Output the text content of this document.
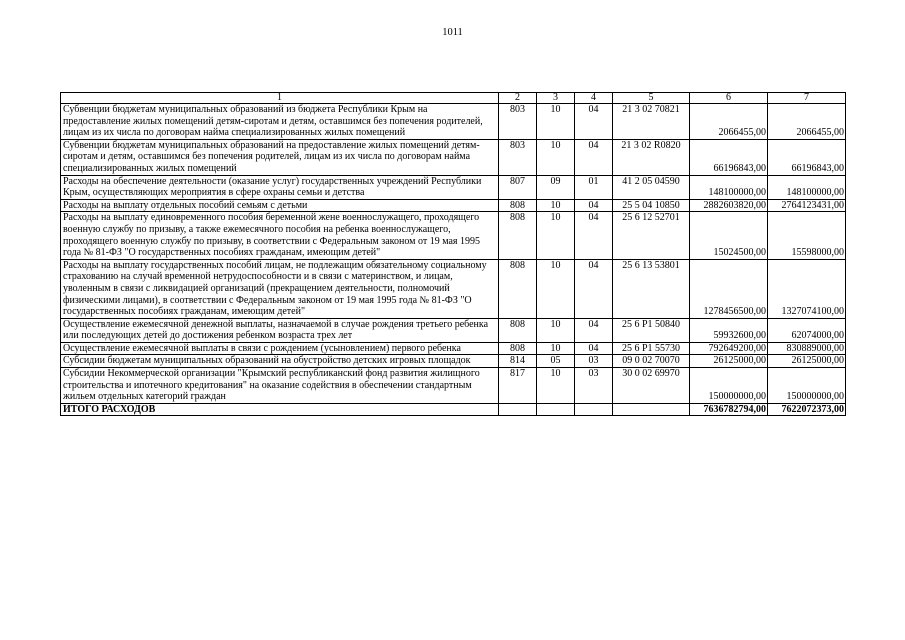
1011
1	2	3	4	5	6	7
Субвенции бюджетам муниципальных образований из бюджета Республики Крым на предоставление жилых помещений детям-сиротам и детям, оставшимся без попечения родителей, лицам из их числа по договорам найма специализированных жилых помещений	803	10	04	21 3 02 70821	2066455,00	2066455,00
Субвенции бюджетам муниципальных образований на предоставление жилых помещений детям-сиротам и детям, оставшимся без попечения родителей, лицам из их числа по договорам найма специализированных жилых помещений	803	10	04	21 3 02 R0820	66196843,00	66196843,00
Расходы на обеспечение деятельности (оказание услуг) государственных учреждений Республики Крым, осуществляющих мероприятия в сфере охраны семьи и детства	807	09	01	41 2 05 04590	148100000,00	148100000,00
Расходы на выплату отдельных пособий семьям с детьми	808	10	04	25 5 04 10850	2882603820,00	2764123431,00
Расходы на выплату единовременного пособия беременной жене военнослужащего, проходящего военную службу по призыву, а также ежемесячного пособия на ребенка военнослужащего, проходящего военную службу по призыву, в соответствии с Федеральным законом от 19 мая 1995 года № 81-ФЗ "О государственных пособиях гражданам, имеющим детей"	808	10	04	25 6 12 52701	15024500,00	15598000,00
Расходы на выплату государственных пособий лицам, не подлежащим обязательному социальному страхованию на случай временной нетрудоспособности и в связи с материнством, и лицам, уволенным в связи с ликвидацией организаций (прекращением деятельности, полномочий физическими лицами), в соответствии с Федеральным законом от 19 мая 1995 года № 81-ФЗ "О государственных пособиях гражданам, имеющим детей"	808	10	04	25 6 13 53801	1278456500,00	1327074100,00
Осуществление ежемесячной денежной выплаты, назначаемой в случае рождения третьего ребенка или последующих детей до достижения ребенком возраста трех лет	808	10	04	25 6 P1 50840	59932600,00	62074000,00
Осуществление ежемесячной выплаты в связи с рождением (усыновлением) первого ребенка	808	10	04	25 6 P1 55730	792649200,00	830889000,00
Субсидии бюджетам муниципальных образований на обустройство детских игровых площадок	814	05	03	09 0 02 70070	26125000,00	26125000,00
Субсидии Некоммерческой организации "Крымский республиканский фонд развития жилищного строительства и ипотечного кредитования" на оказание содействия в обеспечении стандартным жильем отдельных категорий граждан	817	10	03	30 0 02 69970	150000000,00	150000000,00
ИТОГО РАСХОДОВ					7636782794,00	7622072373,00
